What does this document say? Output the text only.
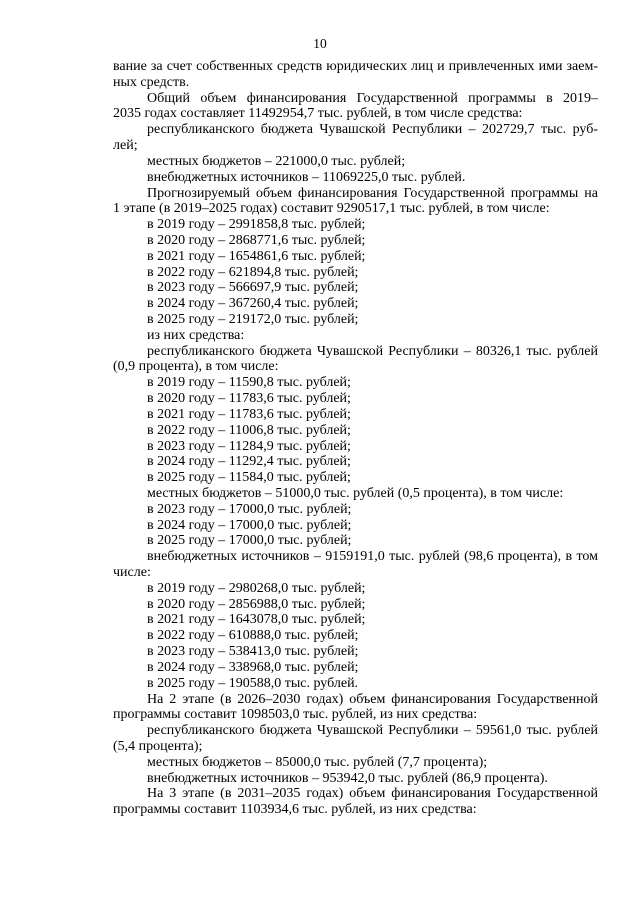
10
вание за счет собственных средств юридических лиц и привлеченных ими заем-
ных средств.
Общий объем финансирования Государственной программы в 2019–
2035 годах составляет 11492954,7 тыс. рублей, в том числе средства:
республиканского бюджета Чувашской Республики – 202729,7 тыс. руб-
лей;
местных бюджетов – 221000,0 тыс. рублей;
внебюджетных источников – 11069225,0 тыс. рублей.
Прогнозируемый объем финансирования Государственной программы на
1 этапе (в 2019–2025 годах) составит 9290517,1 тыс. рублей, в том числе:
в 2019 году – 2991858,8 тыс. рублей;
в 2020 году – 2868771,6 тыс. рублей;
в 2021 году – 1654861,6 тыс. рублей;
в 2022 году – 621894,8 тыс. рублей;
в 2023 году – 566697,9 тыс. рублей;
в 2024 году – 367260,4 тыс. рублей;
в 2025 году – 219172,0 тыс. рублей;
из них средства:
республиканского бюджета Чувашской Республики – 80326,1 тыс. рублей
(0,9 процента), в том числе:
в 2019 году – 11590,8 тыс. рублей;
в 2020 году – 11783,6 тыс. рублей;
в 2021 году – 11783,6 тыс. рублей;
в 2022 году – 11006,8 тыс. рублей;
в 2023 году – 11284,9 тыс. рублей;
в 2024 году – 11292,4 тыс. рублей;
в 2025 году – 11584,0 тыс. рублей;
местных бюджетов – 51000,0 тыс. рублей (0,5 процента), в том числе:
в 2023 году – 17000,0 тыс. рублей;
в 2024 году – 17000,0 тыс. рублей;
в 2025 году – 17000,0 тыс. рублей;
внебюджетных источников – 9159191,0 тыс. рублей (98,6 процента), в том
числе:
в 2019 году – 2980268,0 тыс. рублей;
в 2020 году – 2856988,0 тыс. рублей;
в 2021 году – 1643078,0 тыс. рублей;
в 2022 году – 610888,0 тыс. рублей;
в 2023 году – 538413,0 тыс. рублей;
в 2024 году – 338968,0 тыс. рублей;
в 2025 году – 190588,0 тыс. рублей.
На 2 этапе (в 2026–2030 годах) объем финансирования Государственной
программы составит 1098503,0 тыс. рублей, из них средства:
республиканского бюджета Чувашской Республики – 59561,0 тыс. рублей
(5,4 процента);
местных бюджетов – 85000,0 тыс. рублей (7,7 процента);
внебюджетных источников – 953942,0 тыс. рублей (86,9 процента).
На 3 этапе (в 2031–2035 годах) объем финансирования Государственной
программы составит 1103934,6 тыс. рублей, из них средства:
